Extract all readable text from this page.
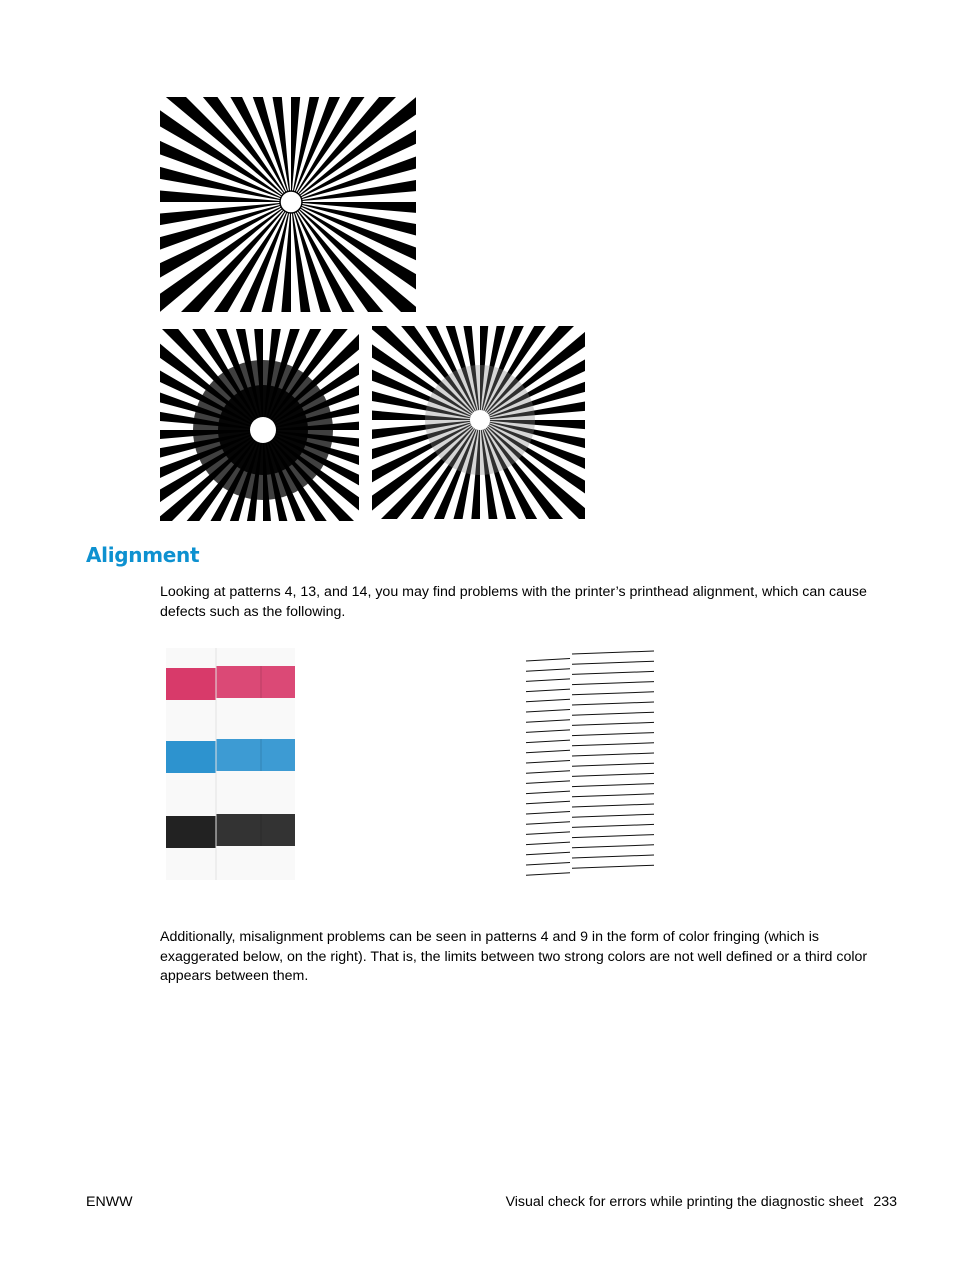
Alignment

Looking at patterns 4, 13, and 14, you may find problems with the printer’s printhead alignment, which can cause defects such as the following.

Additionally, misalignment problems can be seen in patterns 4 and 9 in the form of color fringing (which is exaggerated below, on the right). That is, the limits between two strong colors are not well defined or a third color appears between them.

ENWW	Visual check for errors while printing the diagnostic sheet 233
